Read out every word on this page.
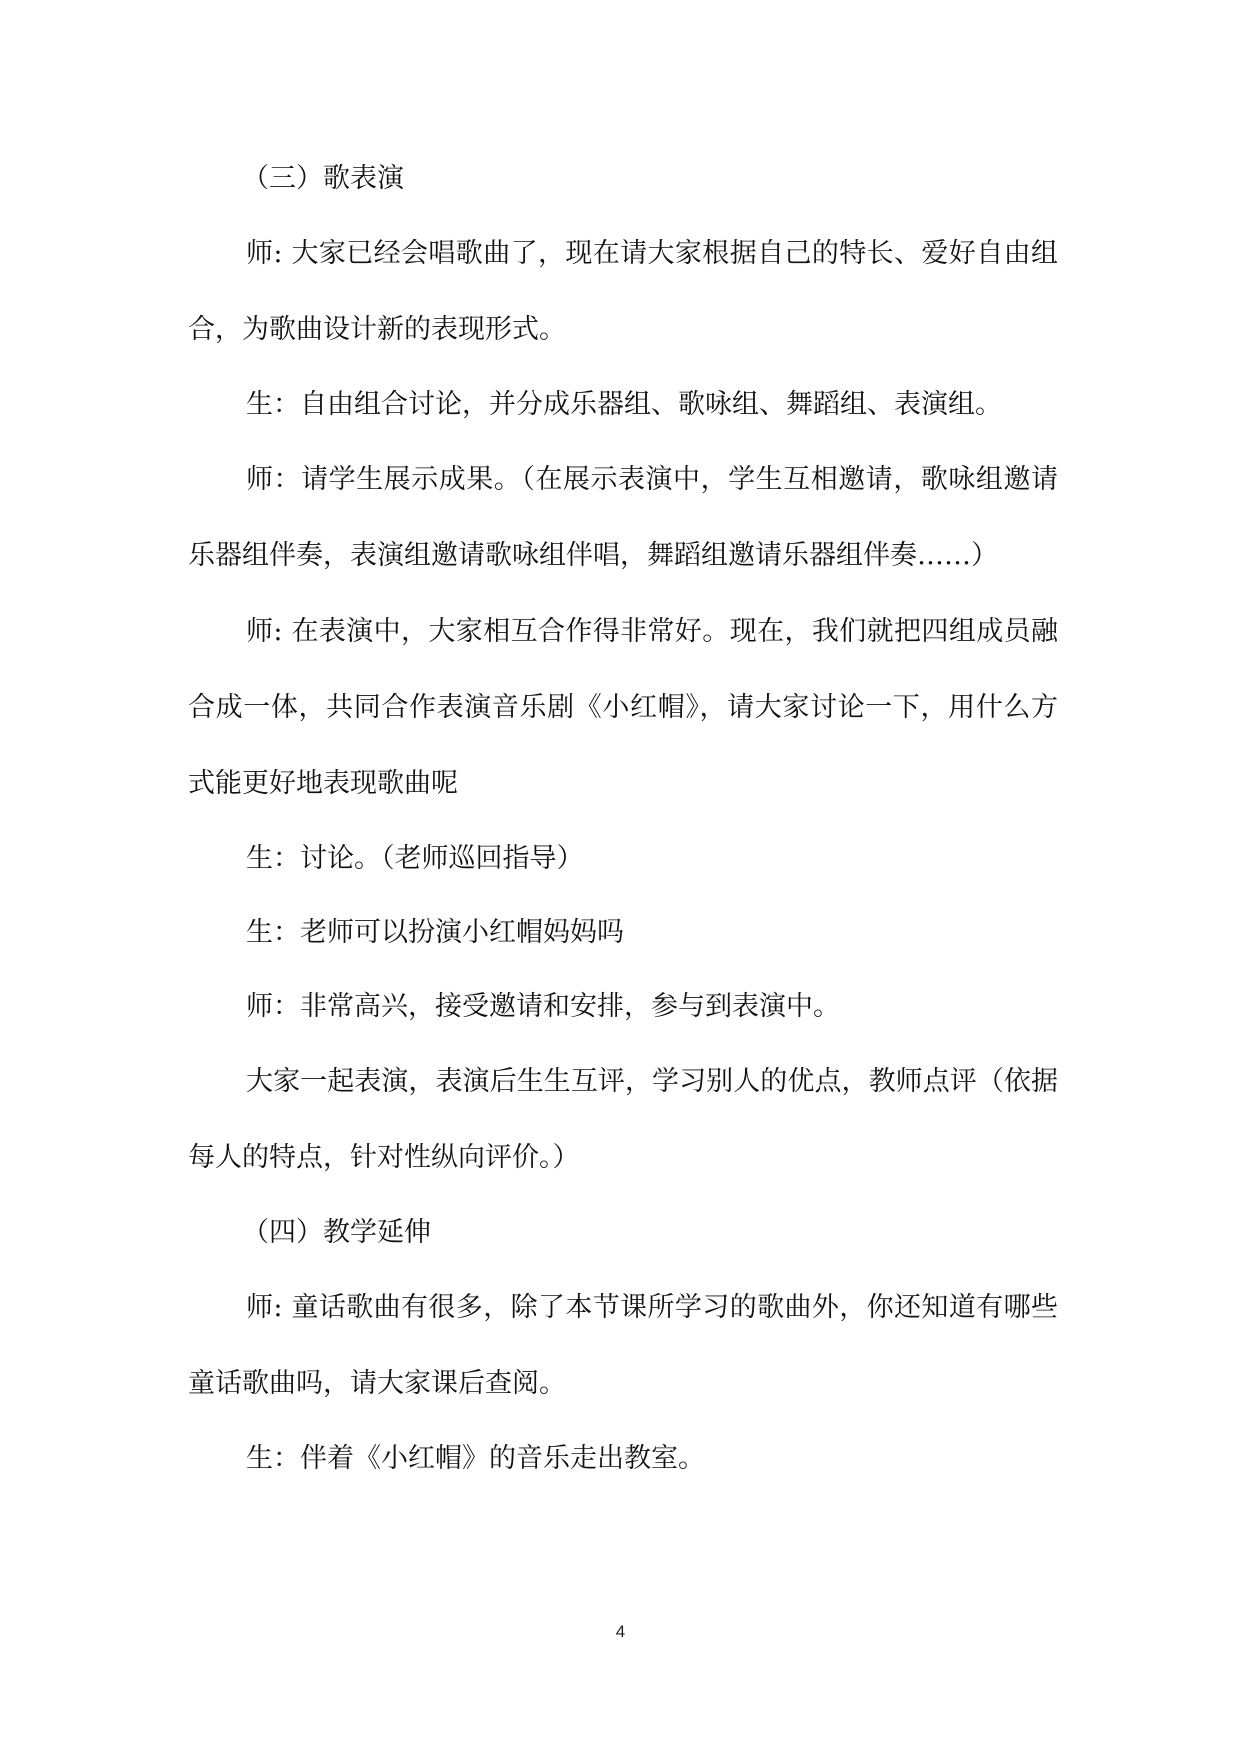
（三）歌表演

师: 大家已经会唱歌曲了，现在请大家根据自己的特长、爱好自由组合，为歌曲设计新的表现形式。

生：自由组合讨论，并分成乐器组、歌咏组、舞蹈组、表演组。

师：请学生展示成果。（在展示表演中，学生互相邀请，歌咏组邀请乐器组伴奏，表演组邀请歌咏组伴唱，舞蹈组邀请乐器组伴奏……）

师: 在表演中，大家相互合作得非常好。现在，我们就把四组成员融合成一体，共同合作表演音乐剧《小红帽》，请大家讨论一下，用什么方式能更好地表现歌曲呢

生：讨论。（老师巡回指导）

生：老师可以扮演小红帽妈妈吗

师：非常高兴，接受邀请和安排，参与到表演中。

大家一起表演，表演后生生互评，学习别人的优点，教师点评（依据每人的特点，针对性纵向评价。）

（四）教学延伸

师: 童话歌曲有很多，除了本节课所学习的歌曲外，你还知道有哪些童话歌曲吗，请大家课后查阅。

生：伴着《小红帽》的音乐走出教室。

4
